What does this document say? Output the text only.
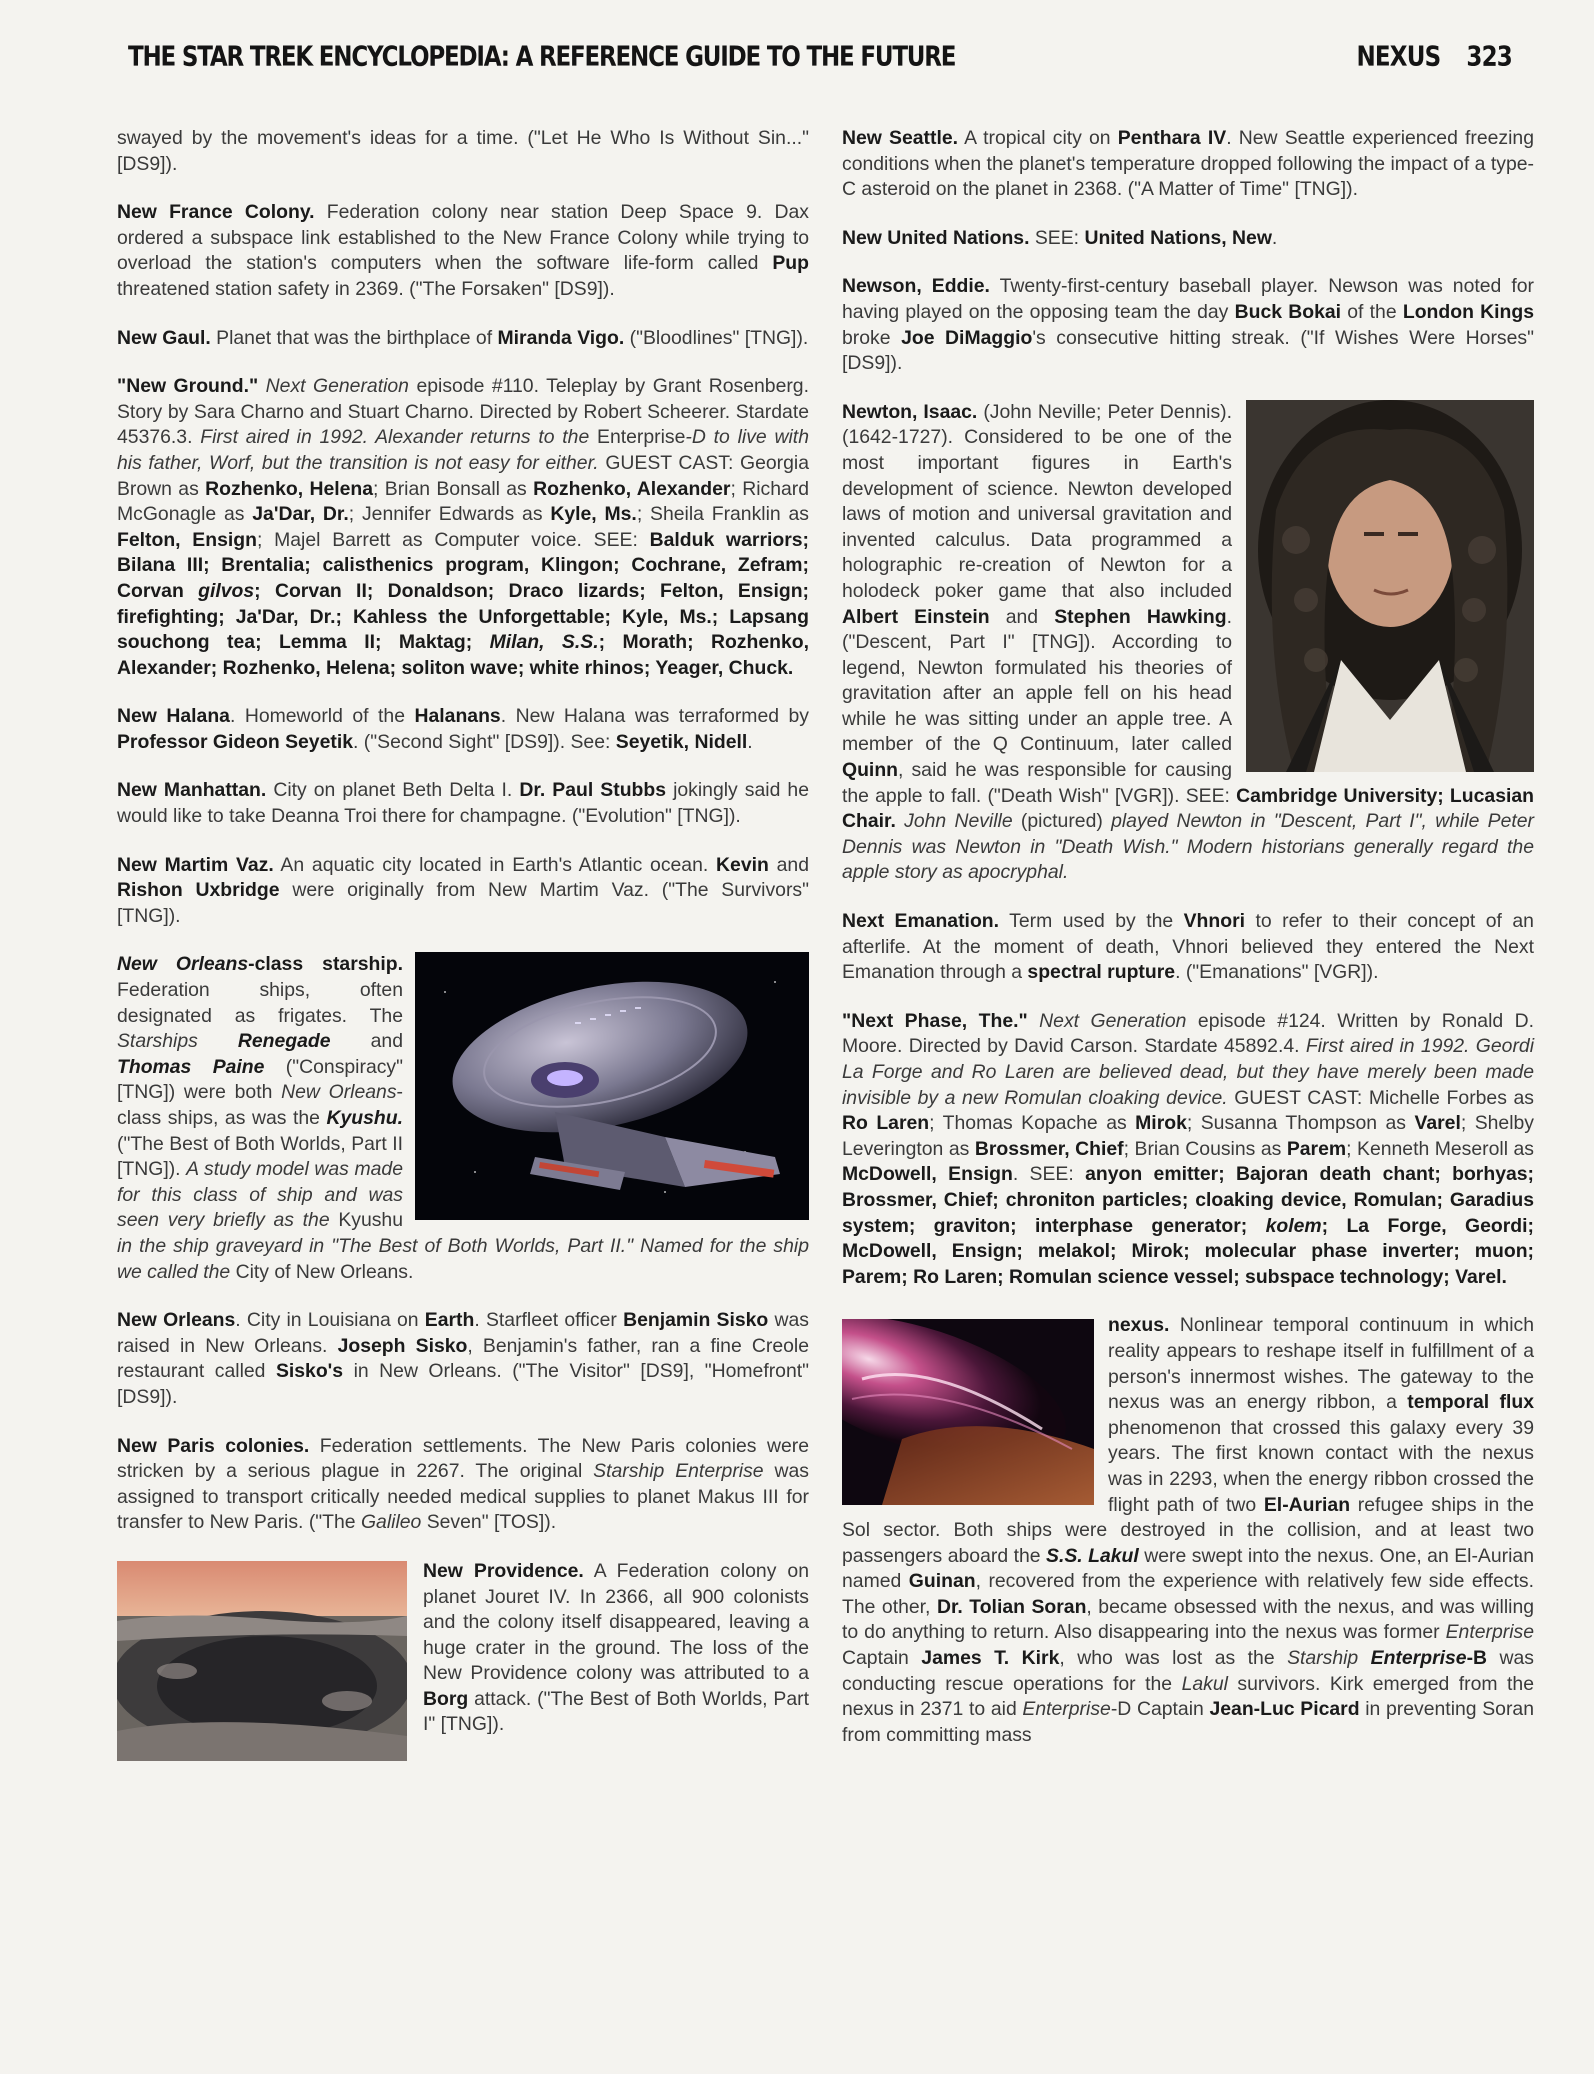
THE STAR TREK ENCYCLOPEDIA: A REFERENCE GUIDE TO THE FUTURE	NEXUS 323

swayed by the movement's ideas for a time. ("Let He Who Is Without Sin..." [DS9]).

New France Colony. Federation colony near station Deep Space 9. Dax ordered a subspace link established to the New France Colony while trying to overload the station's computers when the software life-form called Pup threatened station safety in 2369. ("The Forsaken" [DS9]).

New Gaul. Planet that was the birthplace of Miranda Vigo. ("Bloodlines" [TNG]).

"New Ground." Next Generation episode #110. Teleplay by Grant Rosenberg. Story by Sara Charno and Stuart Charno. Directed by Robert Scheerer. Stardate 45376.3. First aired in 1992. Alexander returns to the Enterprise-D to live with his father, Worf, but the transition is not easy for either. GUEST CAST: Georgia Brown as Rozhenko, Helena; Brian Bonsall as Rozhenko, Alexander; Richard McGonagle as Ja'Dar, Dr.; Jennifer Edwards as Kyle, Ms.; Sheila Franklin as Felton, Ensign; Majel Barrett as Computer voice. SEE: Balduk warriors; Bilana III; Brentalia; calisthenics program, Klingon; Cochrane, Zefram; Corvan gilvos; Corvan II; Donaldson; Draco lizards; Felton, Ensign; firefighting; Ja'Dar, Dr.; Kahless the Unforgettable; Kyle, Ms.; Lapsang souchong tea; Lemma II; Maktag; Milan, S.S.; Morath; Rozhenko, Alexander; Rozhenko, Helena; soliton wave; white rhinos; Yeager, Chuck.

New Halana. Homeworld of the Halanans. New Halana was terraformed by Professor Gideon Seyetik. ("Second Sight" [DS9]). See: Seyetik, Nidell.

New Manhattan. City on planet Beth Delta I. Dr. Paul Stubbs jokingly said he would like to take Deanna Troi there for champagne. ("Evolution" [TNG]).

New Martim Vaz. An aquatic city located in Earth's Atlantic ocean. Kevin and Rishon Uxbridge were originally from New Martim Vaz. ("The Survivors" [TNG]).

New Orleans-class starship. Federation ships, often designated as frigates. The Starships Renegade and Thomas Paine ("Conspiracy" [TNG]) were both New Orleans-class ships, as was the Kyushu. ("The Best of Both Worlds, Part II [TNG]). A study model was made for this class of ship and was seen very briefly as the Kyushu in the ship graveyard in "The Best of Both Worlds, Part II." Named for the ship we called the City of New Orleans.

New Orleans. City in Louisiana on Earth. Starfleet officer Benjamin Sisko was raised in New Orleans. Joseph Sisko, Benjamin's father, ran a fine Creole restaurant called Sisko's in New Orleans. ("The Visitor" [DS9], "Homefront" [DS9]).

New Paris colonies. Federation settlements. The New Paris colonies were stricken by a serious plague in 2267. The original Starship Enterprise was assigned to transport critically needed medical supplies to planet Makus III for transfer to New Paris. ("The Galileo Seven" [TOS]).

New Providence. A Federation colony on planet Jouret IV. In 2366, all 900 colonists and the colony itself disappeared, leaving a huge crater in the ground. The loss of the New Providence colony was attributed to a Borg attack. ("The Best of Both Worlds, Part I" [TNG]).

New Seattle. A tropical city on Penthara IV. New Seattle experienced freezing conditions when the planet's temperature dropped following the impact of a type-C asteroid on the planet in 2368. ("A Matter of Time" [TNG]).

New United Nations. SEE: United Nations, New.

Newson, Eddie. Twenty-first-century baseball player. Newson was noted for having played on the opposing team the day Buck Bokai of the London Kings broke Joe DiMaggio's consecutive hitting streak. ("If Wishes Were Horses" [DS9]).

Newton, Isaac. (John Neville; Peter Dennis). (1642-1727). Considered to be one of the most important figures in Earth's development of science. Newton developed laws of motion and universal gravitation and invented calculus. Data programmed a holographic re-creation of Newton for a holodeck poker game that also included Albert Einstein and Stephen Hawking. ("Descent, Part I" [TNG]). According to legend, Newton formulated his theories of gravitation after an apple fell on his head while he was sitting under an apple tree. A member of the Q Continuum, later called Quinn, said he was responsible for causing the apple to fall. ("Death Wish" [VGR]). SEE: Cambridge University; Lucasian Chair. John Neville (pictured) played Newton in "Descent, Part I", while Peter Dennis was Newton in "Death Wish." Modern historians generally regard the apple story as apocryphal.

Next Emanation. Term used by the Vhnori to refer to their concept of an afterlife. At the moment of death, Vhnori believed they entered the Next Emanation through a spectral rupture. ("Emanations" [VGR]).

"Next Phase, The." Next Generation episode #124. Written by Ronald D. Moore. Directed by David Carson. Stardate 45892.4. First aired in 1992. Geordi La Forge and Ro Laren are believed dead, but they have merely been made invisible by a new Romulan cloaking device. GUEST CAST: Michelle Forbes as Ro Laren; Thomas Kopache as Mirok; Susanna Thompson as Varel; Shelby Leverington as Brossmer, Chief; Brian Cousins as Parem; Kenneth Meseroll as McDowell, Ensign. SEE: anyon emitter; Bajoran death chant; borhyas; Brossmer, Chief; chroniton particles; cloaking device, Romulan; Garadius system; graviton; interphase generator; kolem; La Forge, Geordi; McDowell, Ensign; melakol; Mirok; molecular phase inverter; muon; Parem; Ro Laren; Romulan science vessel; subspace technology; Varel.

nexus. Nonlinear temporal continuum in which reality appears to reshape itself in fulfillment of a person's innermost wishes. The gateway to the nexus was an energy ribbon, a temporal flux phenomenon that crossed this galaxy every 39 years. The first known contact with the nexus was in 2293, when the energy ribbon crossed the flight path of two El-Aurian refugee ships in the Sol sector. Both ships were destroyed in the collision, and at least two passengers aboard the S.S. Lakul were swept into the nexus. One, an El-Aurian named Guinan, recovered from the experience with relatively few side effects. The other, Dr. Tolian Soran, became obsessed with the nexus, and was willing to do anything to return. Also disappearing into the nexus was former Enterprise Captain James T. Kirk, who was lost as the Starship Enterprise-B was conducting rescue operations for the Lakul survivors. Kirk emerged from the nexus in 2371 to aid Enterprise-D Captain Jean-Luc Picard in preventing Soran from committing mass
